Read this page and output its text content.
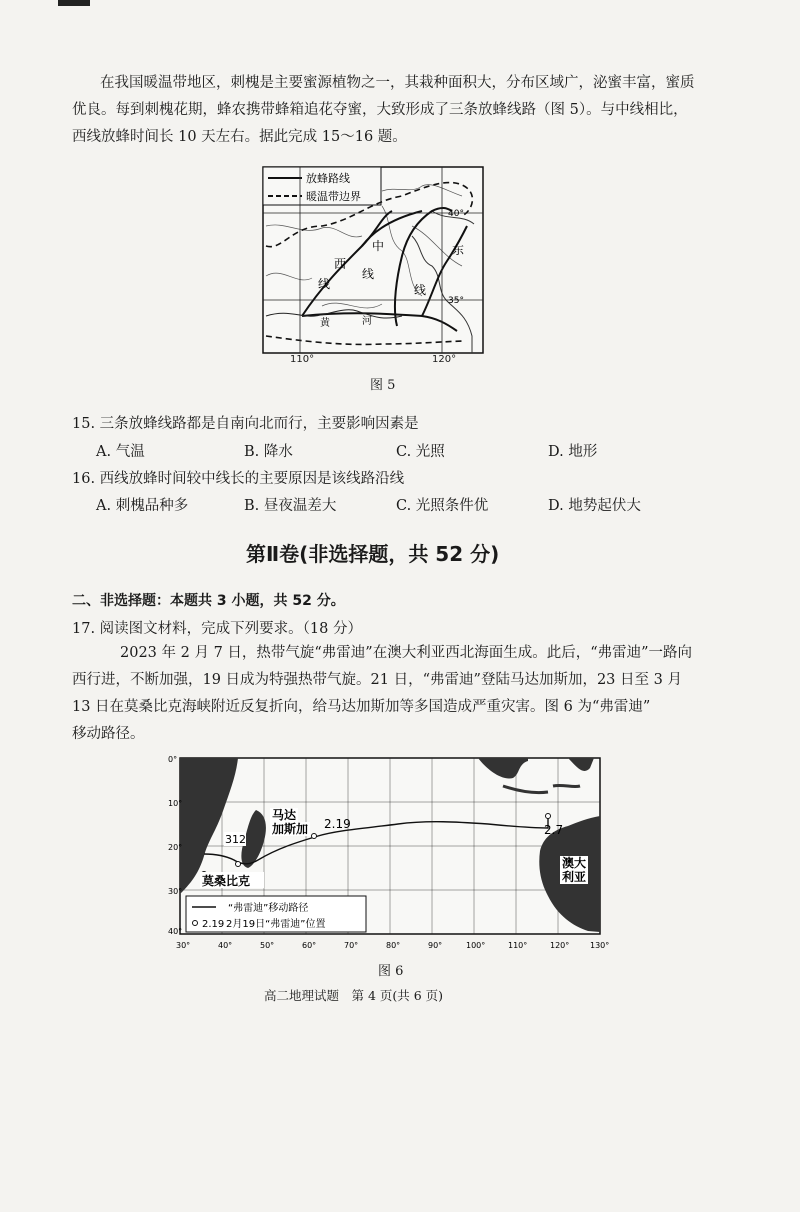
在我国暖温带地区，刺槐是主要蜜源植物之一，其栽种面积大，分布区域广，泌蜜丰富，蜜质
优良。每到刺槐花期，蜂农携带蜂箱追花夺蜜，大致形成了三条放蜂线路（图 5）。与中线相比，
西线放蜂时间长 10 天左右。据此完成 15～16 题。
放蜂路线
暖温带边界
西
线
中
线
东
线
黄	河
40°
35°
110°	120°
图 5
15. 三条放蜂线路都是自南向北而行，主要影响因素是
A. 气温	B. 降水	C. 光照	D. 地形
16. 西线放蜂时间较中线长的主要原因是该线路沿线
A. 刺槐品种多	B. 昼夜温差大	C. 光照条件优	D. 地势起伏大
第Ⅱ卷(非选择题，共 52 分)
二、非选择题：本题共 3 小题，共 52 分。
17. 阅读图文材料，完成下列要求。（18 分）
2023 年 2 月 7 日，热带气旋“弗雷迪”在澳大利亚西北海面生成。此后，“弗雷迪”一路向
西行进，不断加强，19 日成为特强热带气旋。21 日，“弗雷迪”登陆马达加斯加，23 日至 3 月
13 日在莫桑比克海峡附近反复折向，给马达加斯加等多国造成严重灾害。图 6 为“弗雷迪”
移动路径。
马达
加斯加
莫桑比克
澳大
利亚
2.19	2.7
312
“弗雷迪”移动路径
2.19 2月19日“弗雷迪”位置
0°
10°
20°
30°
40°
30°	40°	50°	60°	70°	80°	90°	100°	110°	120°	130°
图 6
高二地理试题　第 4 页(共 6 页)
